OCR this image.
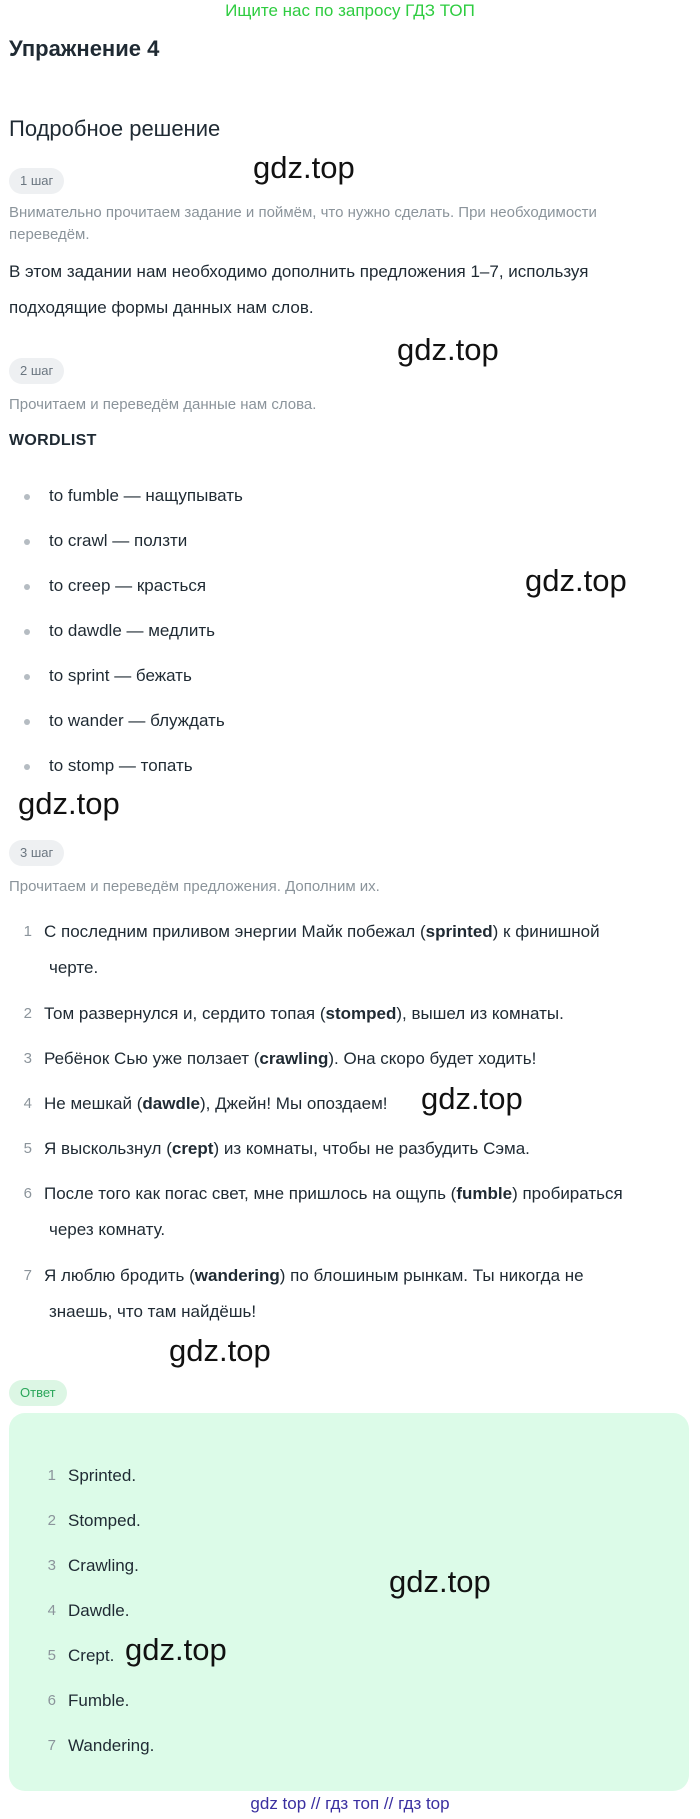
Ищите нас по запросу ГДЗ ТОП
Упражнение 4
Подробное решение
1 шаг
Внимательно прочитаем задание и поймём, что нужно сделать. При необходимости
переведём.
В этом задании нам необходимо дополнить предложения 1–7, используя
подходящие формы данных нам слов.
2 шаг
Прочитаем и переведём данные нам слова.
WORDLIST
to fumble — нащупывать
to crawl — ползти
to creep — красться
to dawdle — медлить
to sprint — бежать
to wander — блуждать
to stomp — топать
3 шаг
Прочитаем и переведём предложения. Дополним их.
1 С последним приливом энергии Майк побежал (sprinted) к финишной
черте.
2 Том развернулся и, сердито топая (stomped), вышел из комнаты.
3 Ребёнок Сью уже ползает (crawling). Она скоро будет ходить!
4 Не мешкай (dawdle), Джейн! Мы опоздаем!
5 Я выскользнул (crept) из комнаты, чтобы не разбудить Сэма.
6 После того как погас свет, мне пришлось на ощупь (fumble) пробираться
через комнату.
7 Я люблю бродить (wandering) по блошиным рынкам. Ты никогда не
знаешь, что там найдёшь!
Ответ
1 Sprinted.
2 Stomped.
3 Crawling.
4 Dawdle.
5 Crept.
6 Fumble.
7 Wandering.
gdz.top
gdz.top
gdz.top
gdz.top
gdz.top
gdz.top
gdz.top
gdz.top
gdz top // гдз топ // гдз top
